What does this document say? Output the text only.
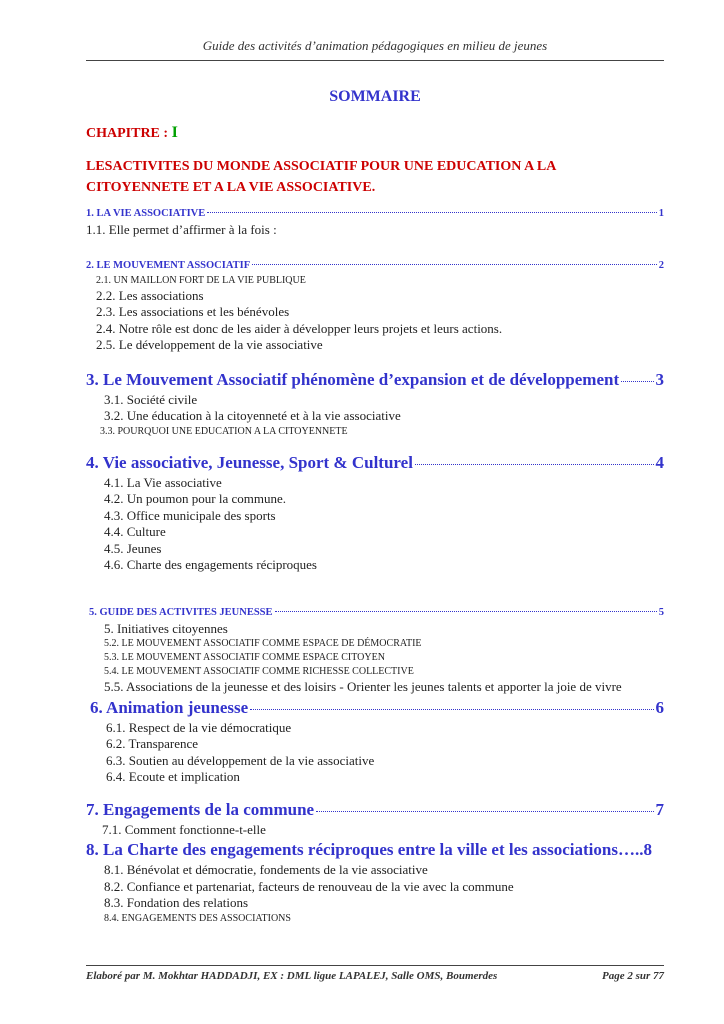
Guide des activités d’animation pédagogiques en milieu de jeunes
SOMMAIRE
CHAPITRE : I
LESACTIVITES DU MONDE ASSOCIATIF POUR UNE EDUCATION A LA CITOYENNETE ET A LA VIE ASSOCIATIVE.
1. LA VIE ASSOCIATIVE	1
1.1. Elle permet d’affirmer à la fois :
2. LE MOUVEMENT ASSOCIATIF	2
2.1. UN MAILLON FORT DE LA VIE PUBLIQUE
2.2. Les associations
2.3. Les associations et les bénévoles
2.4. Notre rôle est donc de les aider à développer leurs projets et leurs actions.
2.5. Le développement de la vie associative
3. Le Mouvement Associatif phénomène d’expansion et de développement 3
3.1. Société civile
3.2. Une éducation à la citoyenneté et à la vie associative
3.3. POURQUOI UNE EDUCATION A LA CITOYENNETE
4. Vie associative, Jeunesse, Sport & Culturel	4
4.1. La Vie associative
4.2. Un poumon pour la commune.
4.3. Office municipale des sports
4.4. Culture
4.5. Jeunes
4.6. Charte des engagements réciproques
5. GUIDE DES ACTIVITES JEUNESSE	5
5. Initiatives citoyennes
5.2. LE MOUVEMENT ASSOCIATIF COMME ESPACE DE DÉMOCRATIE
5.3. LE MOUVEMENT ASSOCIATIF COMME ESPACE CITOYEN
5.4. LE MOUVEMENT ASSOCIATIF COMME RICHESSE COLLECTIVE
5.5. Associations de la jeunesse et des loisirs - Orienter les jeunes talents et apporter la joie de vivre
6. Animation jeunesse	6
6.1. Respect de la vie démocratique
6.2. Transparence
6.3. Soutien au développement de la vie associative
6.4. Ecoute et implication
7. Engagements de la commune	7
7.1. Comment fonctionne-t-elle
8. La Charte des engagements réciproques entre la ville et les associations….. 8
8.1. Bénévolat et démocratie, fondements de la vie associative
8.2. Confiance et partenariat, facteurs de renouveau de la vie avec la commune
8.3. Fondation des relations
8.4. ENGAGEMENTS DES ASSOCIATIONS
Elaboré par M. Mokhtar HADDADJI, EX : DML ligue LAPALEJ, Salle OMS, Boumerdes	Page 2 sur 77
